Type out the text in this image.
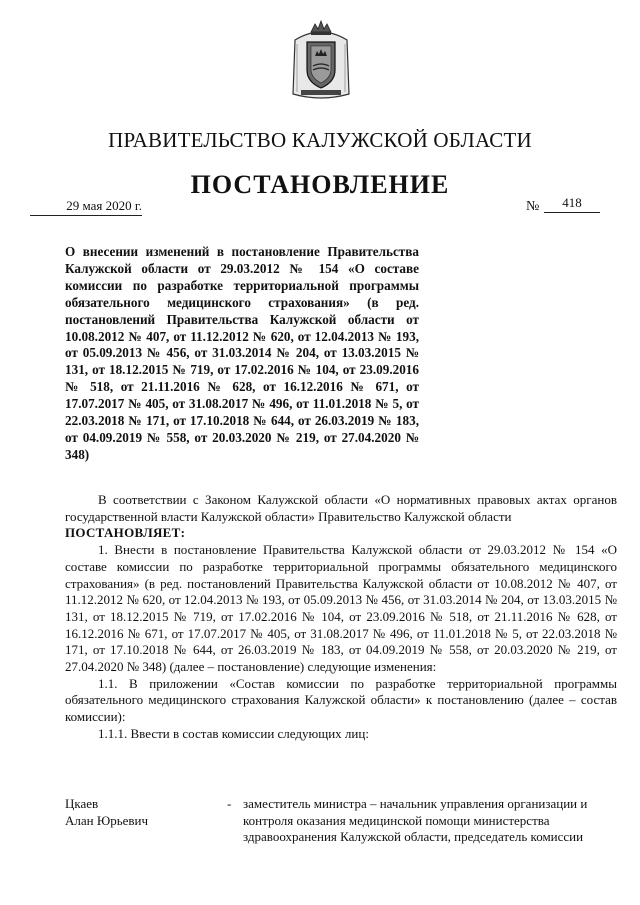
ПРАВИТЕЛЬСТВО КАЛУЖСКОЙ ОБЛАСТИ
ПОСТАНОВЛЕНИЕ
29 мая 2020 г.	№	418
О внесении изменений в постановление Правительства Калужской области от 29.03.2012 № 154 «О составе комиссии по разработке территориальной программы обязательного медицинского страхования» (в ред. постановлений Правительства Калужской области от 10.08.2012 № 407, от 11.12.2012 № 620, от 12.04.2013 № 193, от 05.09.2013 № 456, от 31.03.2014 № 204, от 13.03.2015 № 131, от 18.12.2015 № 719, от 17.02.2016 № 104, от 23.09.2016 № 518, от 21.11.2016 № 628, от 16.12.2016 № 671, от 17.07.2017 № 405, от 31.08.2017 № 496, от 11.01.2018 № 5, от 22.03.2018 № 171, от 17.10.2018 № 644, от 26.03.2019 № 183, от 04.09.2019 № 558, от 20.03.2020 № 219, от 27.04.2020 № 348)

В соответствии с Законом Калужской области «О нормативных правовых актах органов государственной власти Калужской области» Правительство Калужской области

ПОСТАНОВЛЯЕТ:

1. Внести в постановление Правительства Калужской области от 29.03.2012 № 154 «О составе комиссии по разработке территориальной программы обязательного медицинского страхования» (в ред. постановлений Правительства Калужской области от 10.08.2012 № 407, от 11.12.2012 № 620, от 12.04.2013 № 193, от 05.09.2013 № 456, от 31.03.2014 № 204, от 13.03.2015 № 131, от 18.12.2015 № 719, от 17.02.2016 № 104, от 23.09.2016 № 518, от 21.11.2016 № 628, от 16.12.2016 № 671, от 17.07.2017 № 405, от 31.08.2017 № 496, от 11.01.2018 № 5, от 22.03.2018 № 171, от 17.10.2018 № 644, от 26.03.2019 № 183, от 04.09.2019 № 558, от 20.03.2020 № 219, от 27.04.2020 № 348) (далее – постановление) следующие изменения:

1.1. В приложении «Состав комиссии по разработке территориальной программы обязательного медицинского страхования Калужской области» к постановлению (далее – состав комиссии):

1.1.1. Ввести в состав комиссии следующих лиц:

Цкаев
Алан Юрьевич
- заместитель министра – начальник управления организации и контроля оказания медицинской помощи министерства здравоохранения Калужской области, председатель комиссии
